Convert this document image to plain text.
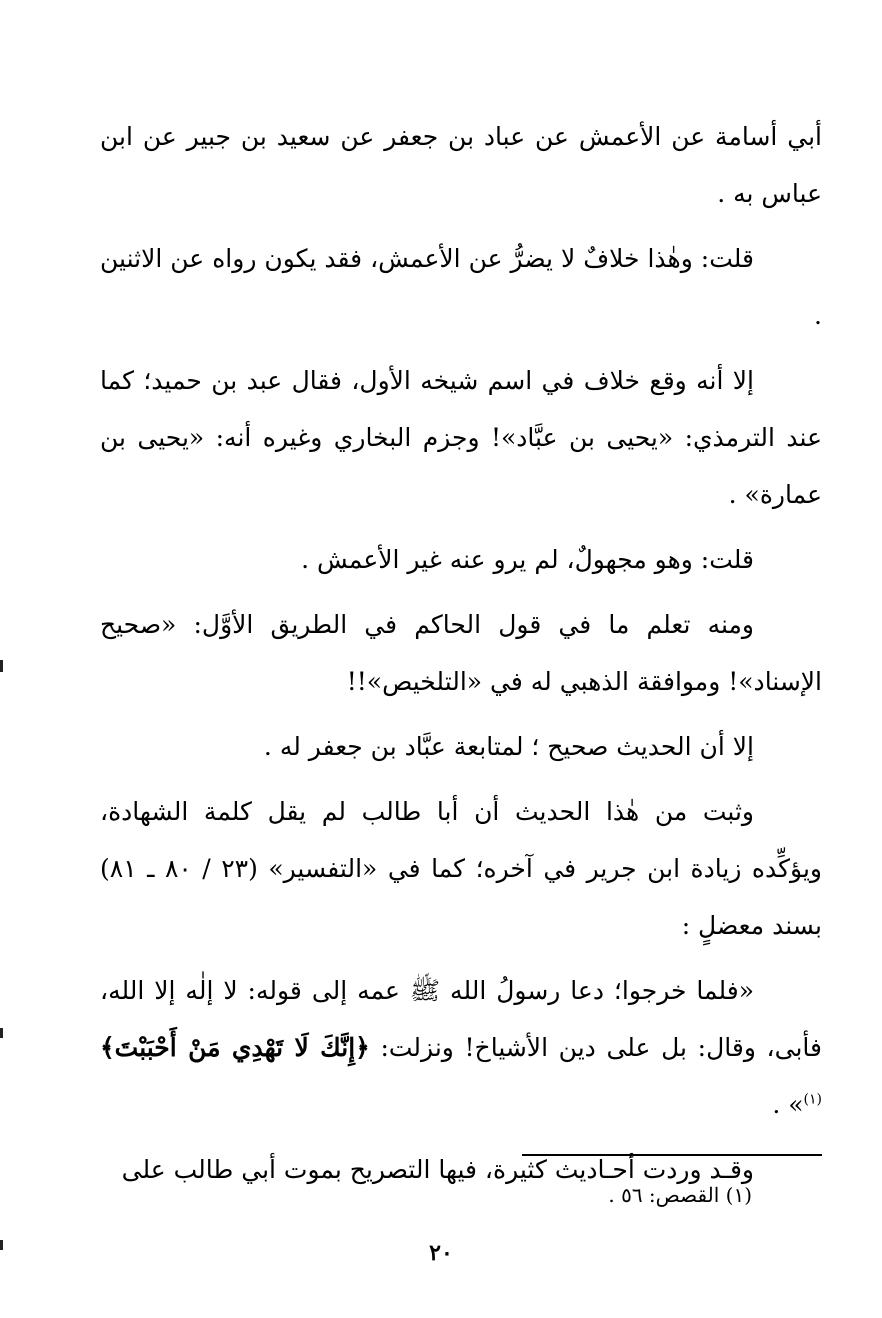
أبي أسامة عن الأعمش عن عباد بن جعفر عن سعيد بن جبير عن ابن عباس به .

قلت: وهٰذا خلافٌ لا يضرُّ عن الأعمش، فقد يكون رواه عن الاثنين .

إلا أنه وقع خلاف في اسم شيخه الأول، فقال عبد بن حميد؛ كما عند الترمذي: «يحيى بن عبَّاد»! وجزم البخاري وغيره أنه: «يحيى بن عمارة» .

قلت: وهو مجهولٌ، لم يرو عنه غير الأعمش .

ومنه تعلم ما في قول الحاكم في الطريق الأوَّل: «صحيح الإسناد»! وموافقة الذهبي له في «التلخيص»!!

إلا أن الحديث صحيح ؛ لمتابعة عبَّاد بن جعفر له .

وثبت من هٰذا الحديث أن أبا طالب لم يقل كلمة الشهادة، ويؤكِّده زيادة ابن جرير في آخره؛ كما في «التفسير» (٢٣ / ٨٠ ـ ٨١) بسند معضلٍ :

«فلما خرجوا؛ دعا رسولُ الله ﷺ عمه إلى قوله: لا إلٰه إلا الله، فأبى، وقال: بل على دين الأشياخ! ونزلت: ﴿إِنَّكَ لَا تَهْدِي مَنْ أَحْبَبْتَ﴾$^{(١)}$» .

وقـد وردت أحـاديث كثيرة، فيها التصريح بموت أبي طالب على

(١) القصص: ٥٦ .
٢٠
